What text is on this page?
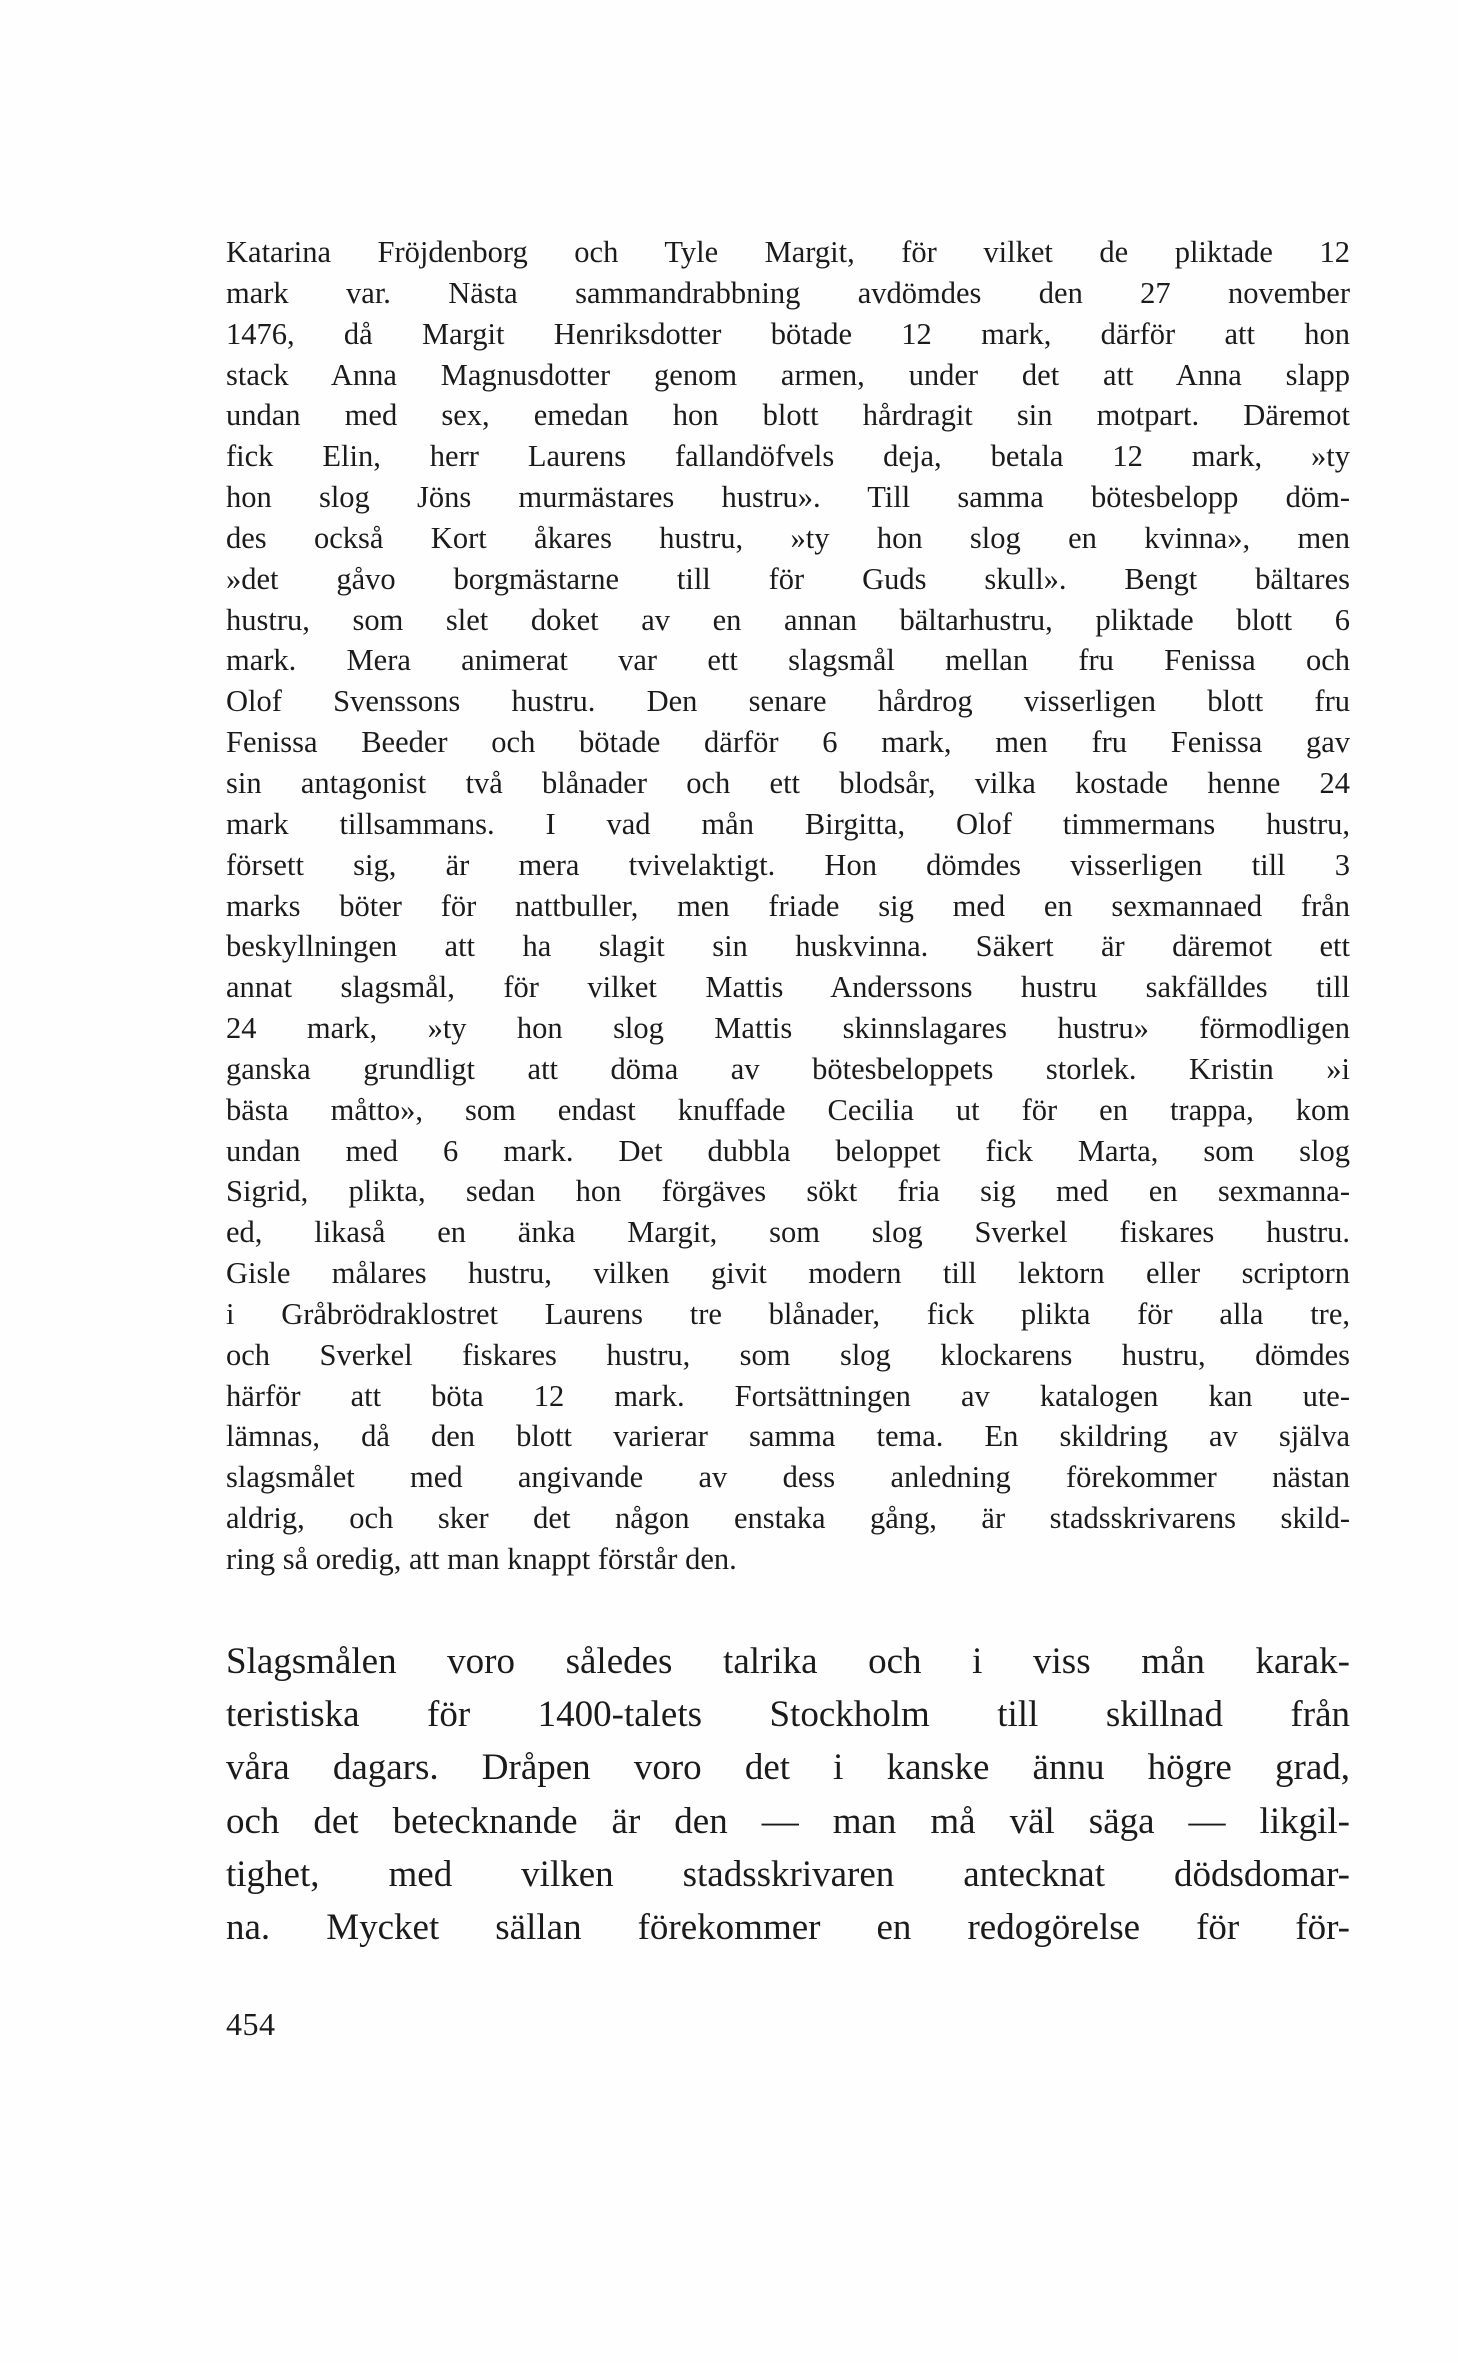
Katarina Fröjdenborg och Tyle Margit, för vilket de pliktade 12
mark var. Nästa sammandrabbning avdömdes den 27 november
1476, då Margit Henriksdotter bötade 12 mark, därför att hon
stack Anna Magnusdotter genom armen, under det att Anna slapp
undan med sex, emedan hon blott hårdragit sin motpart. Däremot
fick Elin, herr Laurens fallandöfvels deja, betala 12 mark, »ty
hon slog Jöns murmästares hustru». Till samma bötesbelopp döm-
des också Kort åkares hustru, »ty hon slog en kvinna», men
»det gåvo borgmästarne till för Guds skull». Bengt bältares
hustru, som slet doket av en annan bältarhustru, pliktade blott 6
mark. Mera animerat var ett slagsmål mellan fru Fenissa och
Olof Svenssons hustru. Den senare hårdrog visserligen blott fru
Fenissa Beeder och bötade därför 6 mark, men fru Fenissa gav
sin antagonist två blånader och ett blodsår, vilka kostade henne 24
mark tillsammans. I vad mån Birgitta, Olof timmermans hustru,
försett sig, är mera tvivelaktigt. Hon dömdes visserligen till 3
marks böter för nattbuller, men friade sig med en sexmannaed från
beskyllningen att ha slagit sin huskvinna. Säkert är däremot ett
annat slagsmål, för vilket Mattis Anderssons hustru sakfälldes till
24 mark, »ty hon slog Mattis skinnslagares hustru» förmodligen
ganska grundligt att döma av bötesbeloppets storlek. Kristin »i
bästa måtto», som endast knuffade Cecilia ut för en trappa, kom
undan med 6 mark. Det dubbla beloppet fick Marta, som slog
Sigrid, plikta, sedan hon förgäves sökt fria sig med en sexmanna-
ed, likaså en änka Margit, som slog Sverkel fiskares hustru.
Gisle målares hustru, vilken givit modern till lektorn eller scriptorn
i Gråbrödraklostret Laurens tre blånader, fick plikta för alla tre,
och Sverkel fiskares hustru, som slog klockarens hustru, dömdes
härför att böta 12 mark. Fortsättningen av katalogen kan ute-
lämnas, då den blott varierar samma tema. En skildring av själva
slagsmålet med angivande av dess anledning förekommer nästan
aldrig, och sker det någon enstaka gång, är stadsskrivarens skild-
ring så oredig, att man knappt förstår den.
Slagsmålen voro således talrika och i viss mån karak-
teristiska för 1400-talets Stockholm till skillnad från
våra dagars. Dråpen voro det i kanske ännu högre grad,
och det betecknande är den — man må väl säga — likgil-
tighet, med vilken stadsskrivaren antecknat dödsdomar-
na. Mycket sällan förekommer en redogörelse för för-
454
